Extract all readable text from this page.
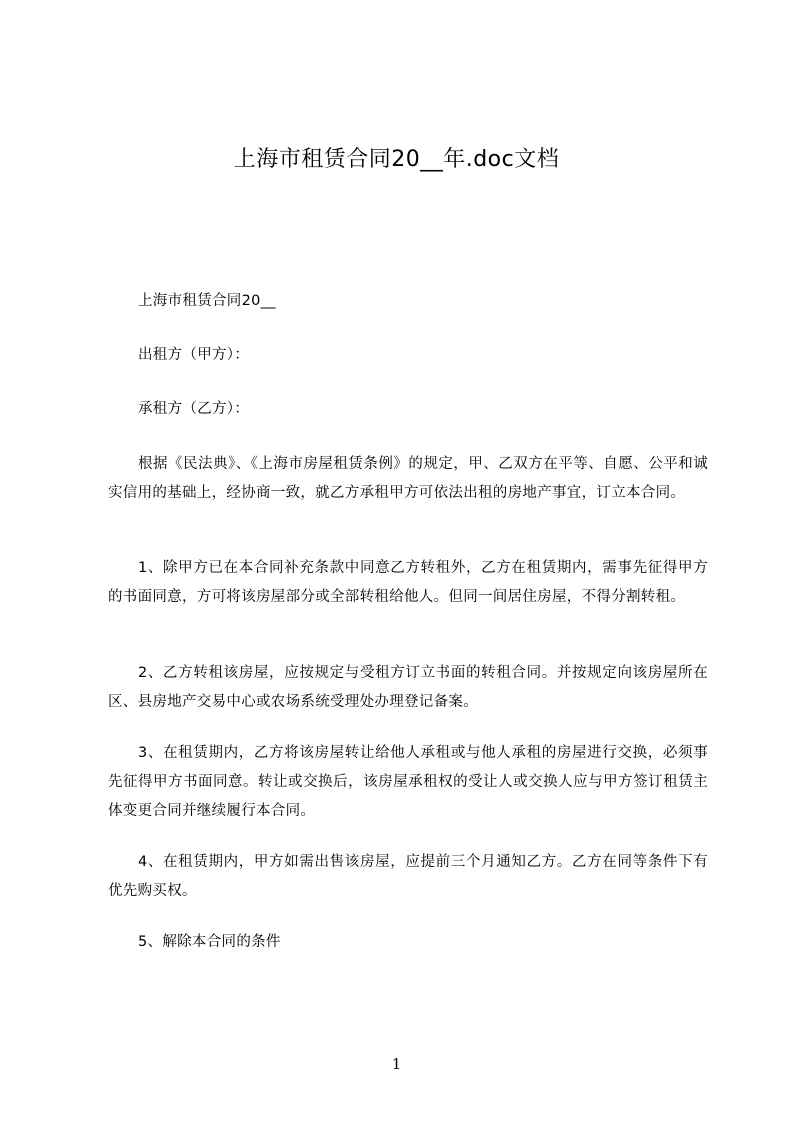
上海市租赁合同20__年.doc文档
上海市租赁合同20__
出租方（甲方）：
承租方（乙方）：
根据《民法典》、《上海市房屋租赁条例》的规定，甲、乙双方在平等、自愿、公平和诚实信用的基础上，经协商一致，就乙方承租甲方可依法出租的房地产事宜，订立本合同。
1、除甲方已在本合同补充条款中同意乙方转租外，乙方在租赁期内，需事先征得甲方的书面同意，方可将该房屋部分或全部转租给他人。但同一间居住房屋，不得分割转租。
2、乙方转租该房屋，应按规定与受租方订立书面的转租合同。并按规定向该房屋所在区、县房地产交易中心或农场系统受理处办理登记备案。
3、在租赁期内，乙方将该房屋转让给他人承租或与他人承租的房屋进行交换，必须事先征得甲方书面同意。转让或交换后，该房屋承租权的受让人或交换人应与甲方签订租赁主体变更合同并继续履行本合同。
4、在租赁期内，甲方如需出售该房屋，应提前三个月通知乙方。乙方在同等条件下有优先购买权。
5、解除本合同的条件
1
